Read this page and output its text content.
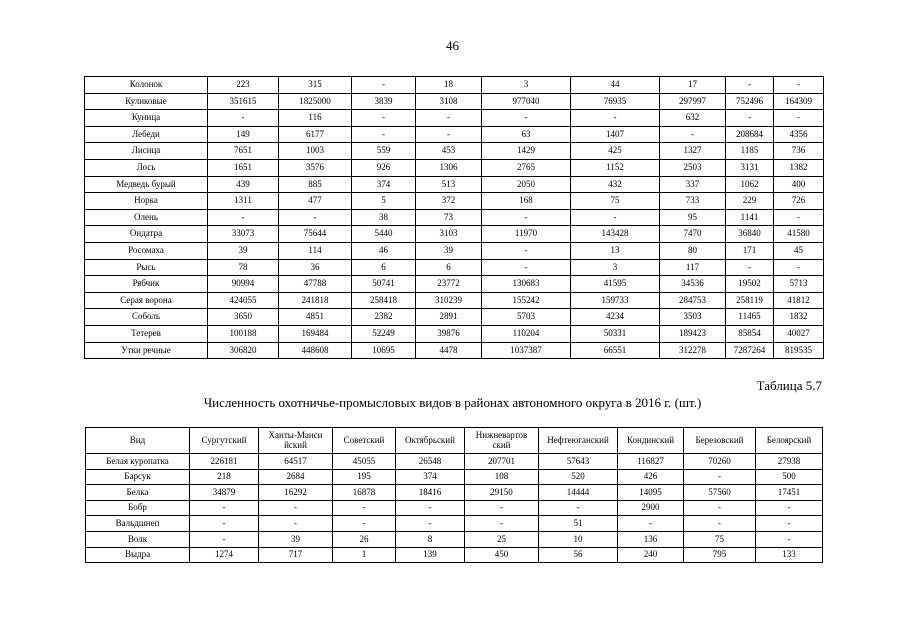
46
Колонок	223	315	-	18	3	44	17	-	-
Куликовые	351615	1825000	3839	3108	977040	76935	297997	752496	164309
Куница	-	116	-	-	-	-	632	-	-
Лебеди	149	6177	-	-	63	1407	-	208684	4356
Лисица	7651	1003	559	453	1429	425	1327	1185	736
Лось	1651	3576	926	1306	2765	1152	2503	3131	1382
Медведь бурый	439	885	374	513	2050	432	337	1062	400
Норка	1311	477	5	372	168	75	733	229	726
Олень	-	-	38	73	-	-	95	1141	-
Ондатра	33073	75644	5440	3103	11970	143428	7470	36840	41580
Росомаха	39	114	46	39	-	13	80	171	45
Рысь	78	36	6	6	-	3	117	-	-
Рябчик	90994	47788	50741	23772	130683	41595	34536	19502	5713
Серая ворона	424055	241818	258418	310239	155242	159733	284753	258119	41812
Соболь	3650	4851	2382	2891	5703	4234	3503	11465	1832
Тетерев	100188	169484	52249	39876	110204	50331	189423	85854	40027
Утки речные	306820	448608	10695	4478	1037387	66551	312278	7287264	819535
Таблица 5.7
Численность охотничье-промысловых видов в районах автономного округа в 2016 г. (шт.)
Вид	Сургутский	Ханты-Мансийский	Советский	Октябрьский	Нижневартовский	Нефтеюганский	Кондинский	Березовский	Белоярский
Белая куропатка	226181	64517	45055	26548	207701	57643	116827	70260	27938
Барсук	218	2684	195	374	108	520	426	-	500
Белка	34879	16292	16878	18416	29150	14444	14095	57560	17451
Бобр	-	-	-	-	-	-	2900	-	-
Вальдшнеп	-	-	-	-	-	51	-	-	-
Волк	-	39	26	8	25	10	136	75	-
Выдра	1274	717	1	139	450	56	240	795	133
